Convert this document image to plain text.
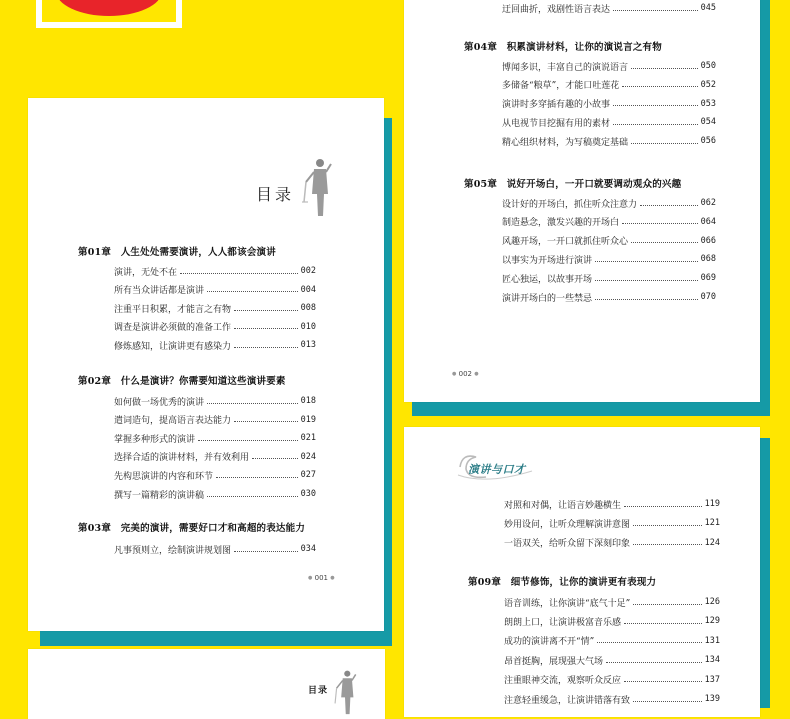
目录
第01章  人生处处需要演讲，人人都该会演讲
演讲，无处不在	002
所有当众讲话都是演讲	004
注重平日积累，才能言之有物	008
调查是演讲必须做的准备工作	010
修炼感知，让演讲更有感染力	013
第02章  什么是演讲？你需要知道这些演讲要素
如何做一场优秀的演讲	018
遣词造句，提高语言表达能力	019
掌握多种形式的演讲	021
选择合适的演讲材料，并有效利用	024
先构思演讲的内容和环节	027
撰写一篇精彩的演讲稿	030
第03章  完美的演讲，需要好口才和高超的表达能力
凡事预则立，绘制演讲规划图	034
● 001 ●
迂回曲折，戏剧性语言表达	045
第04章  积累演讲材料，让你的演说言之有物
博闻多识，丰富自己的演说语言	050
多储备“粮草”，才能口吐莲花	052
演讲时多穿插有趣的小故事	053
从电视节目挖掘有用的素材	054
精心组织材料，为写稿奠定基础	056
第05章  说好开场白，一开口就要调动观众的兴趣
设计好的开场白，抓住听众注意力	062
制造悬念，激发兴趣的开场白	064
风趣开场，一开口就抓住听众心	066
以事实为开场进行演讲	068
匠心独运，以故事开场	069
演讲开场白的一些禁忌	070
● 002 ●
演讲与口才
对照和对偶，让语言妙趣横生	119
妙用设问，让听众理解演讲意图	121
一语双关，给听众留下深刻印象	124
第09章  细节修饰，让你的演讲更有表现力
语音训练，让你演讲“底气十足”	126
朗朗上口，让演讲极富音乐感	129
成功的演讲离不开“情”	131
昂首挺胸，展现强大气场	134
注重眼神交流，观察听众反应	137
注意轻重缓急，让演讲错落有致	139
目录
